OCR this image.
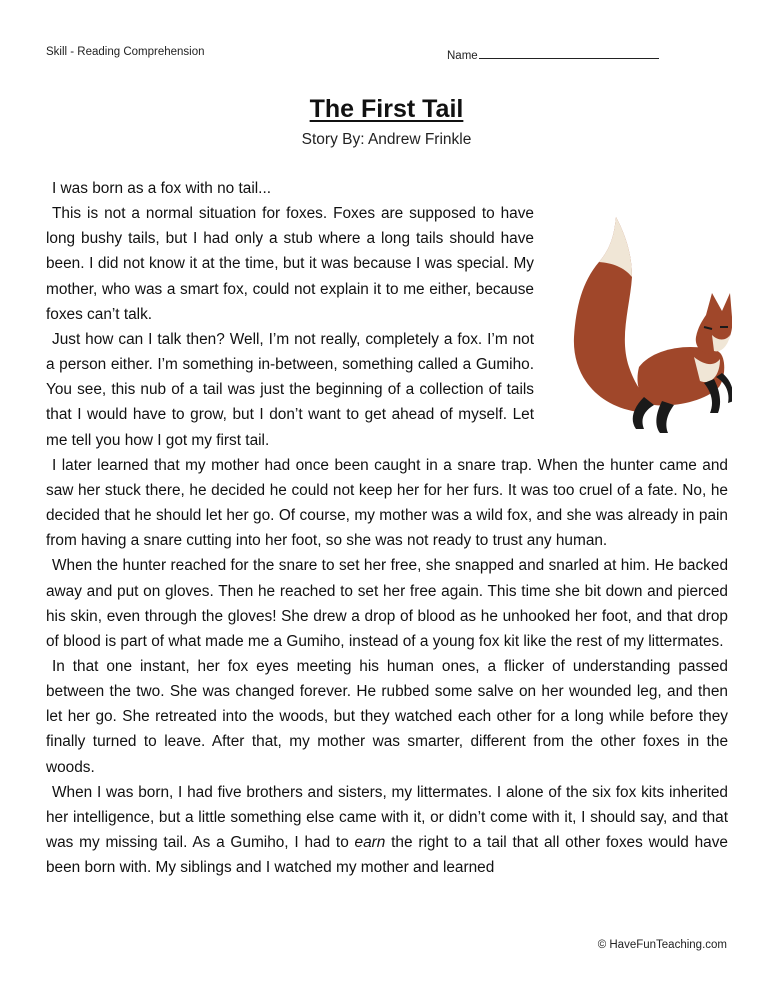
Skill - Reading Comprehension	Name
The First Tail
Story By: Andrew Frinkle

I was born as a fox with no tail...

This is not a normal situation for foxes. Foxes are supposed to have long bushy tails, but I had only a stub where a long tails should have been. I did not know it at the time, but it was because I was special. My mother, who was a smart fox, could not explain it to me either, because foxes can’t talk.

Just how can I talk then? Well, I’m not really, completely a fox. I’m not a person either. I’m something in-between, something called a Gumiho. You see, this nub of a tail was just the beginning of a collection of tails that I would have to grow, but I don’t want to get ahead of myself. Let me tell you how I got my first tail.

I later learned that my mother had once been caught in a snare trap. When the hunter came and saw her stuck there, he decided he could not keep her for her furs. It was too cruel of a fate. No, he decided that he should let her go. Of course, my mother was a wild fox, and she was already in pain from having a snare cutting into her foot, so she was not ready to trust any human.

When the hunter reached for the snare to set her free, she snapped and snarled at him. He backed away and put on gloves. Then he reached to set her free again. This time she bit down and pierced his skin, even through the gloves! She drew a drop of blood as he unhooked her foot, and that drop of blood is part of what made me a Gumiho, instead of a young fox kit like the rest of my littermates.

In that one instant, her fox eyes meeting his human ones, a flicker of understanding passed between the two. She was changed forever. He rubbed some salve on her wounded leg, and then let her go. She retreated into the woods, but they watched each other for a long while before they finally turned to leave. After that, my mother was smarter, different from the other foxes in the woods.

When I was born, I had five brothers and sisters, my littermates. I alone of the six fox kits inherited her intelligence, but a little something else came with it, or didn’t come with it, I should say, and that was my missing tail. As a Gumiho, I had to earn the right to a tail that all other foxes would have been born with. My siblings and I watched my mother and learned

© HaveFunTeaching.com
